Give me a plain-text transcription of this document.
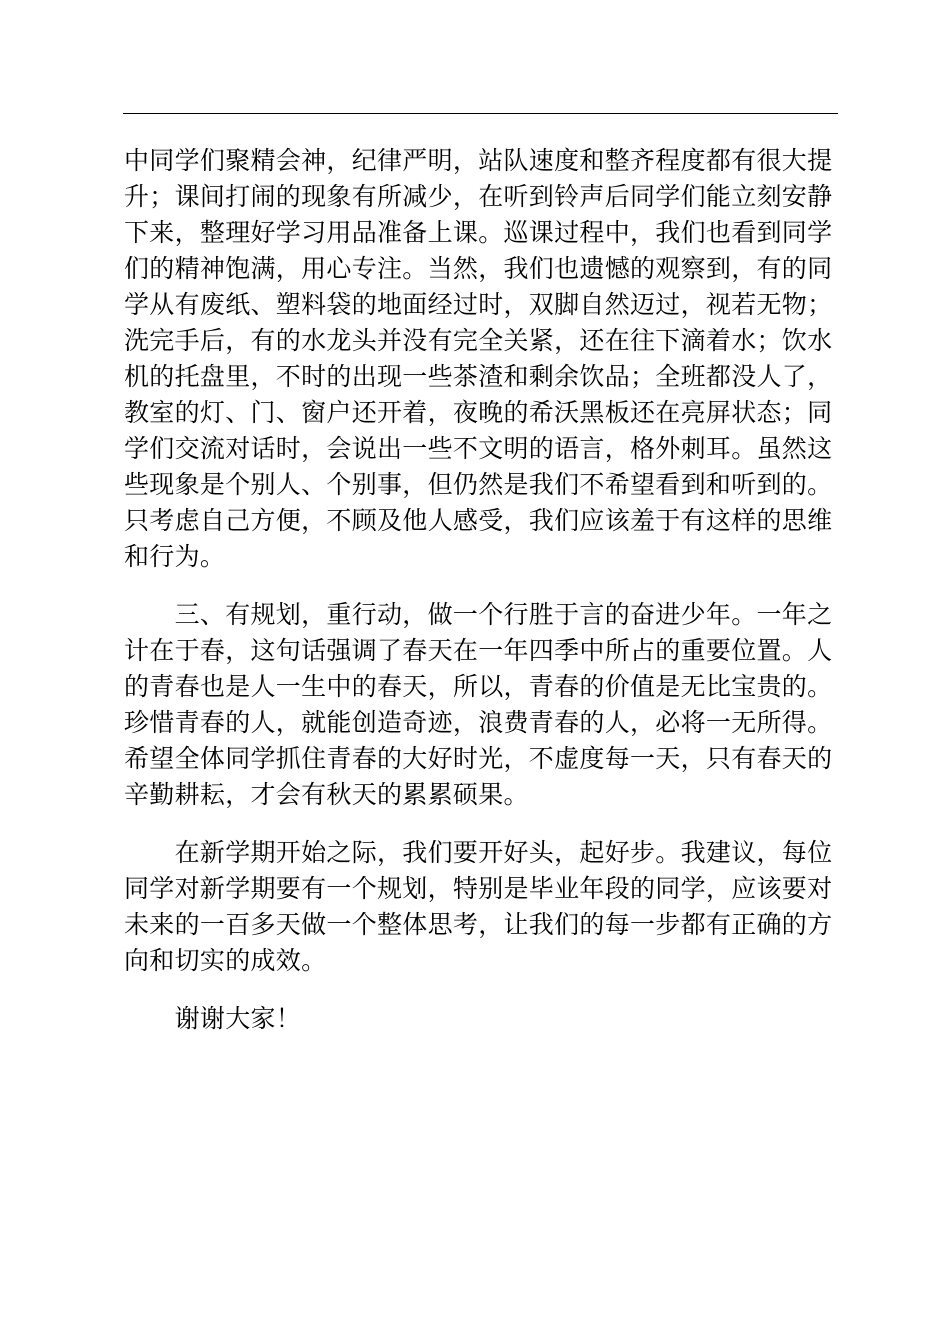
中同学们聚精会神，纪律严明，站队速度和整齐程度都有很大提
升；课间打闹的现象有所减少，在听到铃声后同学们能立刻安静
下来，整理好学习用品准备上课。巡课过程中，我们也看到同学
们的精神饱满，用心专注。当然，我们也遗憾的观察到，有的同
学从有废纸、塑料袋的地面经过时，双脚自然迈过，视若无物；
洗完手后，有的水龙头并没有完全关紧，还在往下滴着水；饮水
机的托盘里，不时的出现一些茶渣和剩余饮品；全班都没人了，
教室的灯、门、窗户还开着，夜晚的希沃黑板还在亮屏状态；同
学们交流对话时，会说出一些不文明的语言，格外刺耳。虽然这
些现象是个别人、个别事，但仍然是我们不希望看到和听到的。
只考虑自己方便，不顾及他人感受，我们应该羞于有这样的思维
和行为。
　　三、有规划，重行动，做一个行胜于言的奋进少年。一年之
计在于春，这句话强调了春天在一年四季中所占的重要位置。人
的青春也是人一生中的春天，所以，青春的价值是无比宝贵的。
珍惜青春的人，就能创造奇迹，浪费青春的人，必将一无所得。
希望全体同学抓住青春的大好时光，不虚度每一天，只有春天的
辛勤耕耘，才会有秋天的累累硕果。
　　在新学期开始之际，我们要开好头，起好步。我建议，每位
同学对新学期要有一个规划，特别是毕业年段的同学，应该要对
未来的一百多天做一个整体思考，让我们的每一步都有正确的方
向和切实的成效。
　　谢谢大家！
